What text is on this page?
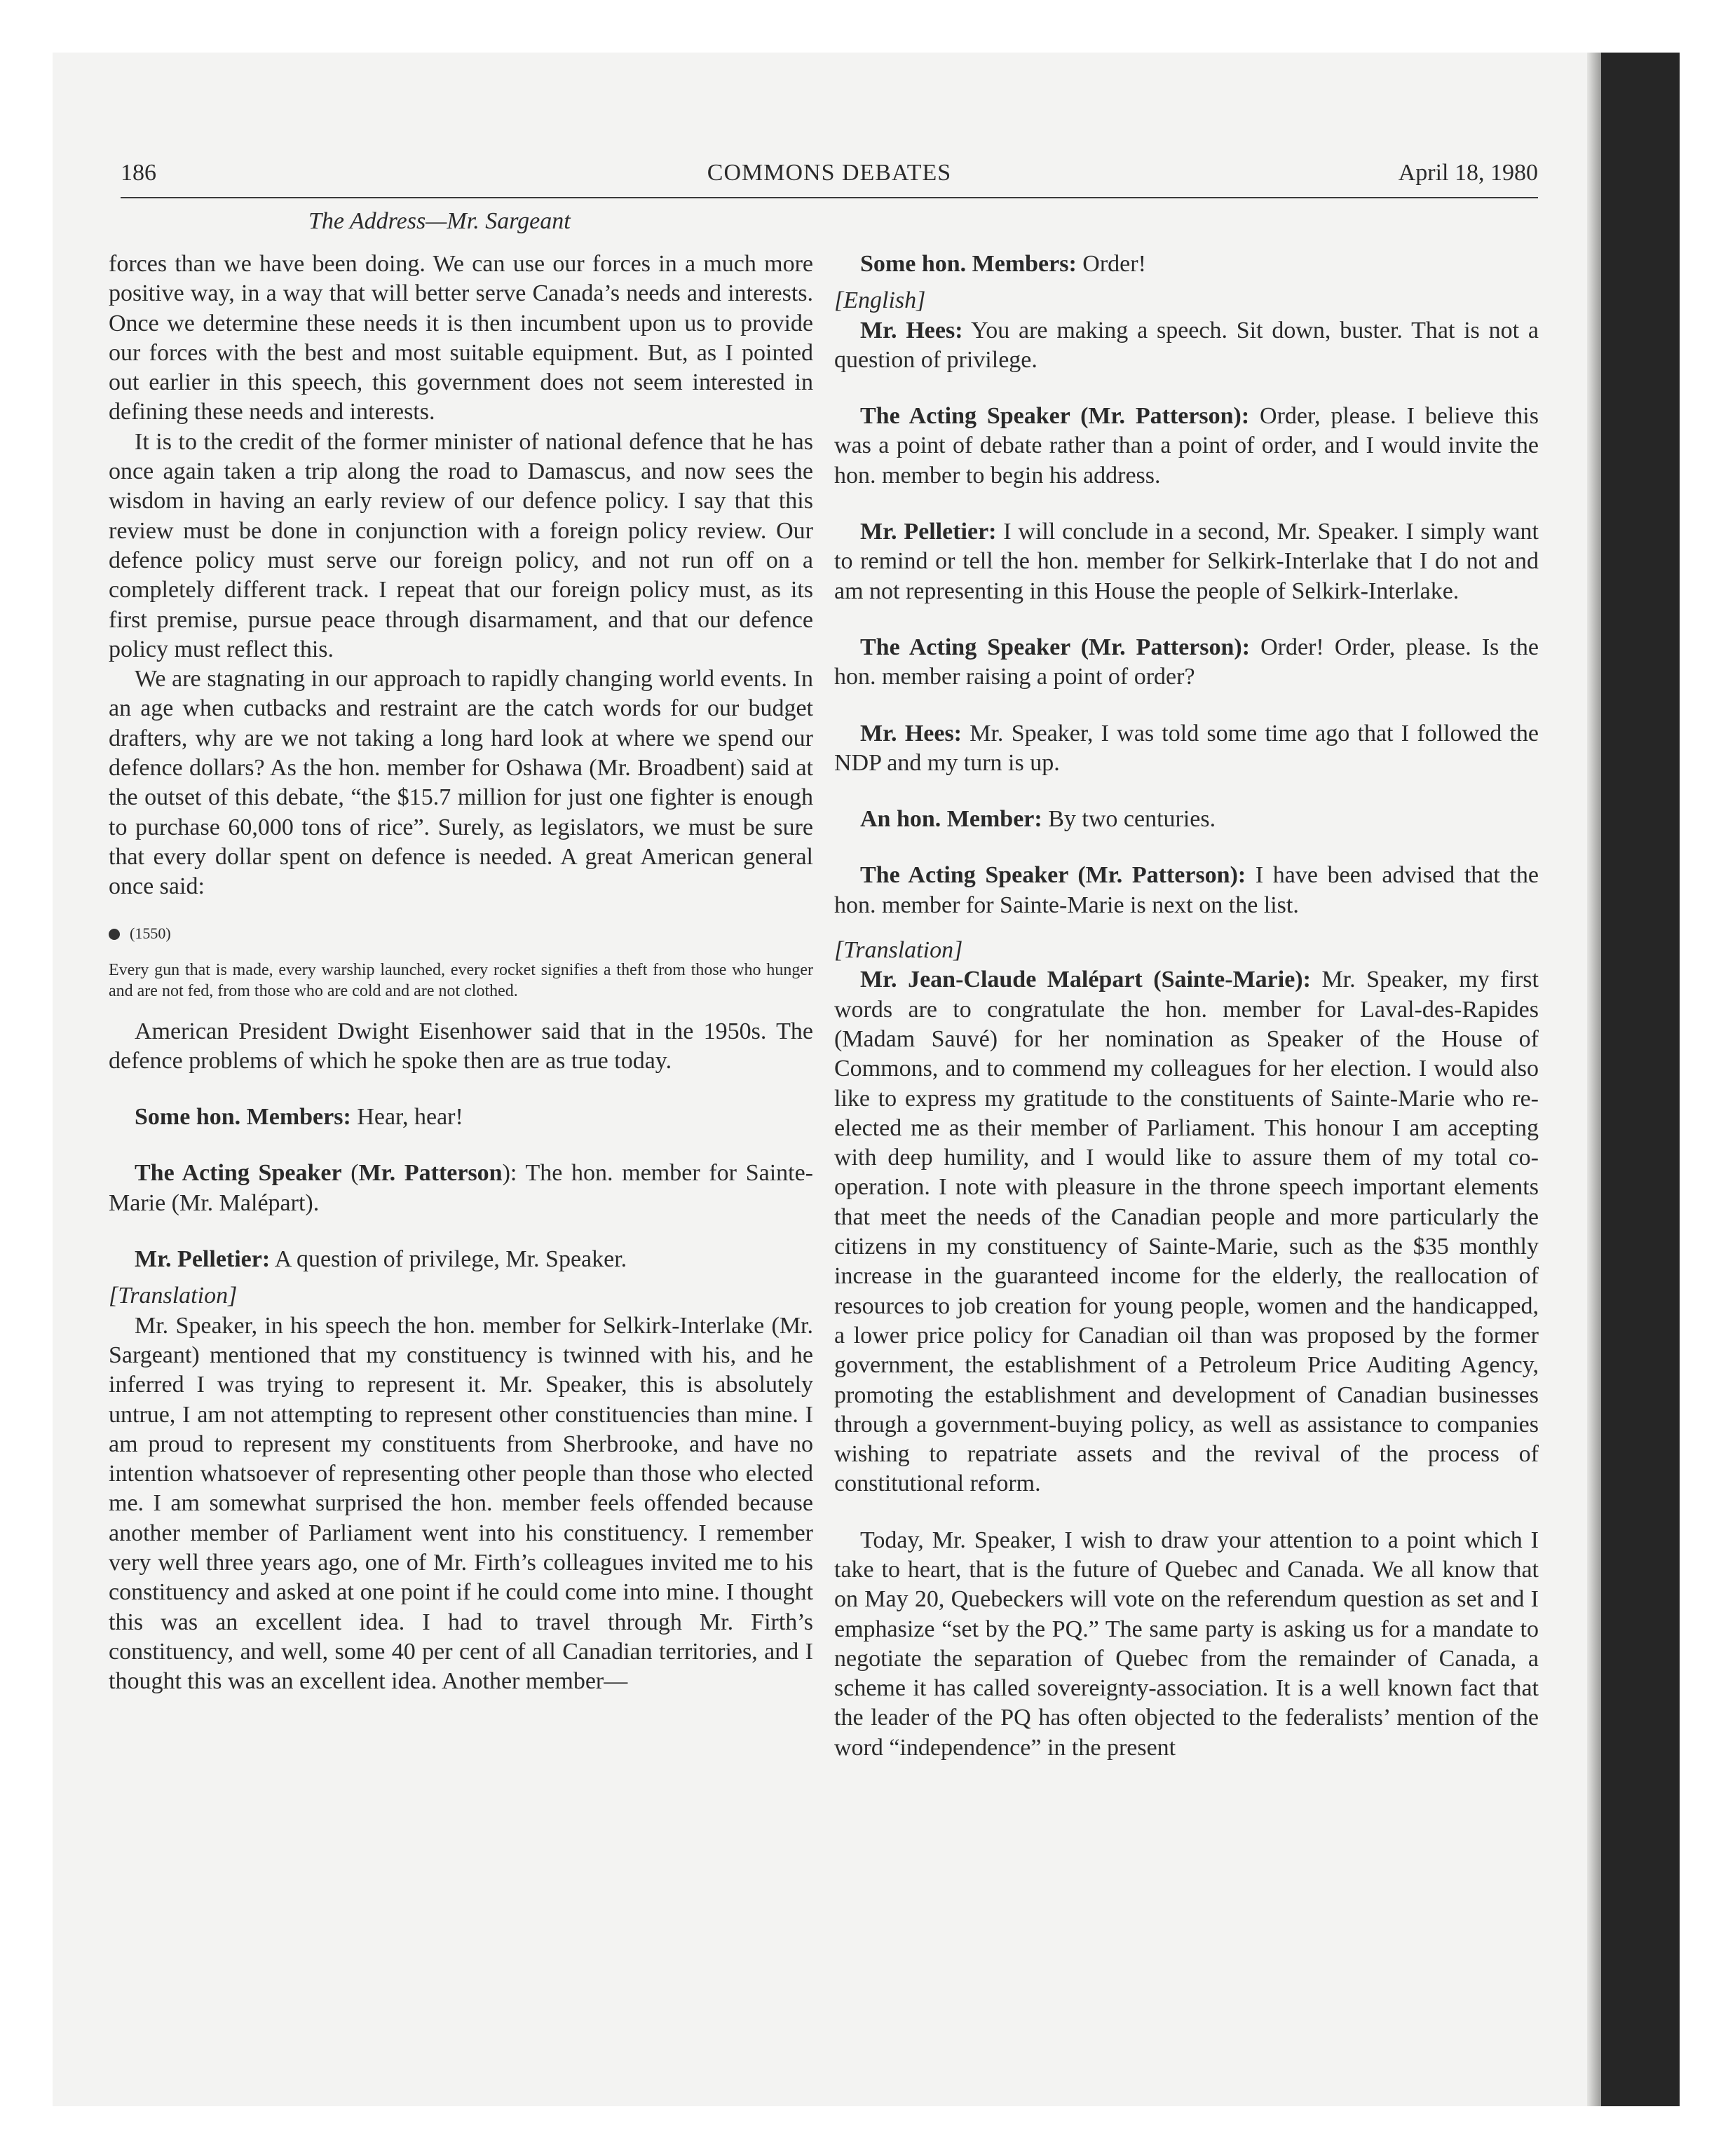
186	COMMONS DEBATES	April 18, 1980
The Address—Mr. Sargeant

forces than we have been doing. We can use our forces in a much more positive way, in a way that will better serve Canada’s needs and interests. Once we determine these needs it is then incumbent upon us to provide our forces with the best and most suitable equipment. But, as I pointed out earlier in this speech, this government does not seem interested in defining these needs and interests.

It is to the credit of the former minister of national defence that he has once again taken a trip along the road to Damascus, and now sees the wisdom in having an early review of our defence policy. I say that this review must be done in conjunction with a foreign policy review. Our defence policy must serve our foreign policy, and not run off on a completely different track. I repeat that our foreign policy must, as its first premise, pursue peace through disarmament, and that our defence policy must reflect this.

We are stagnating in our approach to rapidly changing world events. In an age when cutbacks and restraint are the catch words for our budget drafters, why are we not taking a long hard look at where we spend our defence dollars? As the hon. member for Oshawa (Mr. Broadbent) said at the outset of this debate, “the $15.7 million for just one fighter is enough to purchase 60,000 tons of rice”. Surely, as legislators, we must be sure that every dollar spent on defence is needed. A great American general once said:

(1550)

Every gun that is made, every warship launched, every rocket signifies a theft from those who hunger and are not fed, from those who are cold and are not clothed.

American President Dwight Eisenhower said that in the 1950s. The defence problems of which he spoke then are as true today.

Some hon. Members: Hear, hear!

The Acting Speaker (Mr. Patterson): The hon. member for Sainte-Marie (Mr. Malépart).

Mr. Pelletier: A question of privilege, Mr. Speaker.

[Translation]

Mr. Speaker, in his speech the hon. member for Selkirk-Interlake (Mr. Sargeant) mentioned that my constituency is twinned with his, and he inferred I was trying to represent it. Mr. Speaker, this is absolutely untrue, I am not attempting to represent other constituencies than mine. I am proud to represent my constituents from Sherbrooke, and have no intention whatsoever of representing other people than those who elected me. I am somewhat surprised the hon. member feels offended because another member of Parliament went into his constituency. I remember very well three years ago, one of Mr. Firth’s colleagues invited me to his constituency and asked at one point if he could come into mine. I thought this was an excellent idea. I had to travel through Mr. Firth’s constituency, and well, some 40 per cent of all Canadian territories, and I thought this was an excellent idea. Another member—

Some hon. Members: Order!

[English]

Mr. Hees: You are making a speech. Sit down, buster. That is not a question of privilege.

The Acting Speaker (Mr. Patterson): Order, please. I believe this was a point of debate rather than a point of order, and I would invite the hon. member to begin his address.

Mr. Pelletier: I will conclude in a second, Mr. Speaker. I simply want to remind or tell the hon. member for Selkirk-Interlake that I do not and am not representing in this House the people of Selkirk-Interlake.

The Acting Speaker (Mr. Patterson): Order! Order, please. Is the hon. member raising a point of order?

Mr. Hees: Mr. Speaker, I was told some time ago that I followed the NDP and my turn is up.

An hon. Member: By two centuries.

The Acting Speaker (Mr. Patterson): I have been advised that the hon. member for Sainte-Marie is next on the list.

[Translation]

Mr. Jean-Claude Malépart (Sainte-Marie): Mr. Speaker, my first words are to congratulate the hon. member for Laval-des-Rapides (Madam Sauvé) for her nomination as Speaker of the House of Commons, and to commend my colleagues for her election. I would also like to express my gratitude to the constituents of Sainte-Marie who re-elected me as their member of Parliament. This honour I am accepting with deep humility, and I would like to assure them of my total co-operation. I note with pleasure in the throne speech important elements that meet the needs of the Canadian people and more particularly the citizens in my constituency of Sainte-Marie, such as the $35 monthly increase in the guaranteed income for the elderly, the reallocation of resources to job creation for young people, women and the handicapped, a lower price policy for Canadian oil than was proposed by the former government, the establishment of a Petroleum Price Auditing Agency, promoting the establishment and development of Canadian businesses through a government-buying policy, as well as assistance to companies wishing to repatriate assets and the revival of the process of constitutional reform.

Today, Mr. Speaker, I wish to draw your attention to a point which I take to heart, that is the future of Quebec and Canada. We all know that on May 20, Quebeckers will vote on the referendum question as set and I emphasize “set by the PQ.” The same party is asking us for a mandate to negotiate the separation of Quebec from the remainder of Canada, a scheme it has called sovereignty-association. It is a well known fact that the leader of the PQ has often objected to the federalists’ mention of the word “independence” in the present
